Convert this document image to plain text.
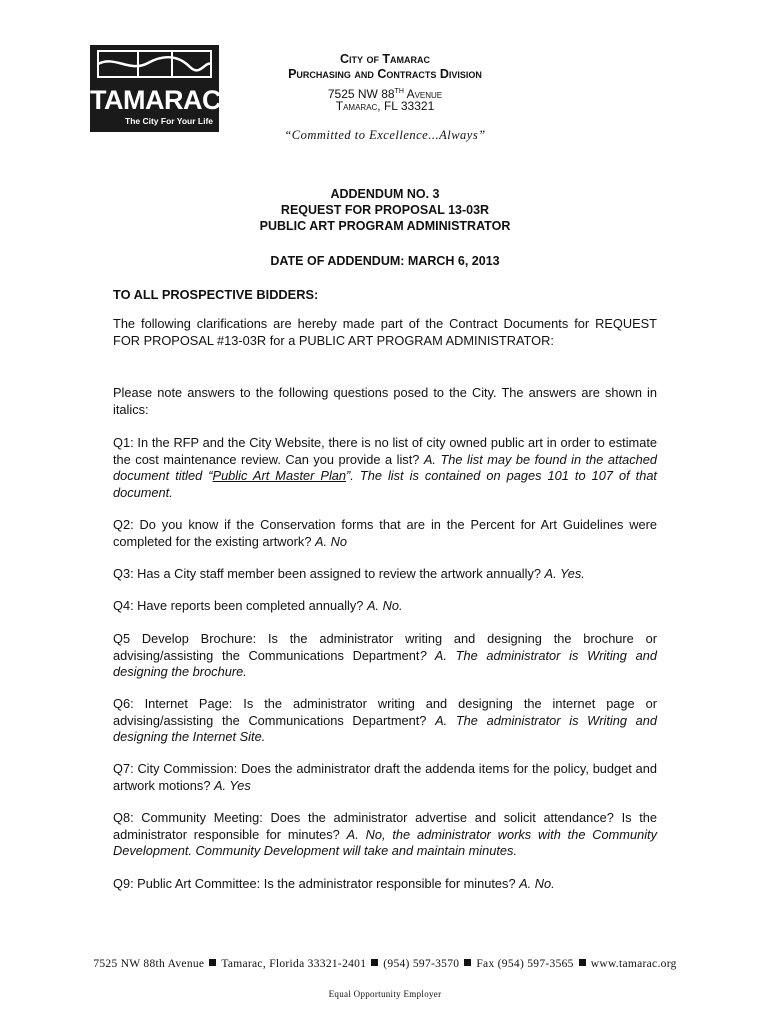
TAMARAC
The City For Your Life
City of Tamarac
Purchasing and Contracts Division
7525 NW 88TH Avenue
Tamarac, FL 33321
“Committed to Excellence...Always”
ADDENDUM NO. 3
REQUEST FOR PROPOSAL 13-03R
PUBLIC ART PROGRAM ADMINISTRATOR
DATE OF ADDENDUM: MARCH 6, 2013
TO ALL PROSPECTIVE BIDDERS:
The following clarifications are hereby made part of the Contract Documents for REQUEST FOR PROPOSAL #13-03R for a PUBLIC ART PROGRAM ADMINISTRATOR:
Please note answers to the following questions posed to the City. The answers are shown in italics:
Q1: In the RFP and the City Website, there is no list of city owned public art in order to estimate the cost maintenance review. Can you provide a list? A. The list may be found in the attached document titled “Public Art Master Plan”. The list is contained on pages 101 to 107 of that document.
Q2: Do you know if the Conservation forms that are in the Percent for Art Guidelines were completed for the existing artwork? A. No
Q3: Has a City staff member been assigned to review the artwork annually? A. Yes.
Q4: Have reports been completed annually? A. No.
Q5 Develop Brochure: Is the administrator writing and designing the brochure or advising/assisting the Communications Department? A. The administrator is Writing and designing the brochure.
Q6: Internet Page: Is the administrator writing and designing the internet page or advising/assisting the Communications Department? A. The administrator is Writing and designing the Internet Site.
Q7: City Commission: Does the administrator draft the addenda items for the policy, budget and artwork motions? A. Yes
Q8: Community Meeting: Does the administrator advertise and solicit attendance? Is the administrator responsible for minutes? A. No, the administrator works with the Community Development. Community Development will take and maintain minutes.
Q9: Public Art Committee: Is the administrator responsible for minutes? A. No.
7525 NW 88th Avenue Tamarac, Florida 33321-2401 (954) 597-3570 Fax (954) 597-3565 www.tamarac.org
Equal Opportunity Employer
